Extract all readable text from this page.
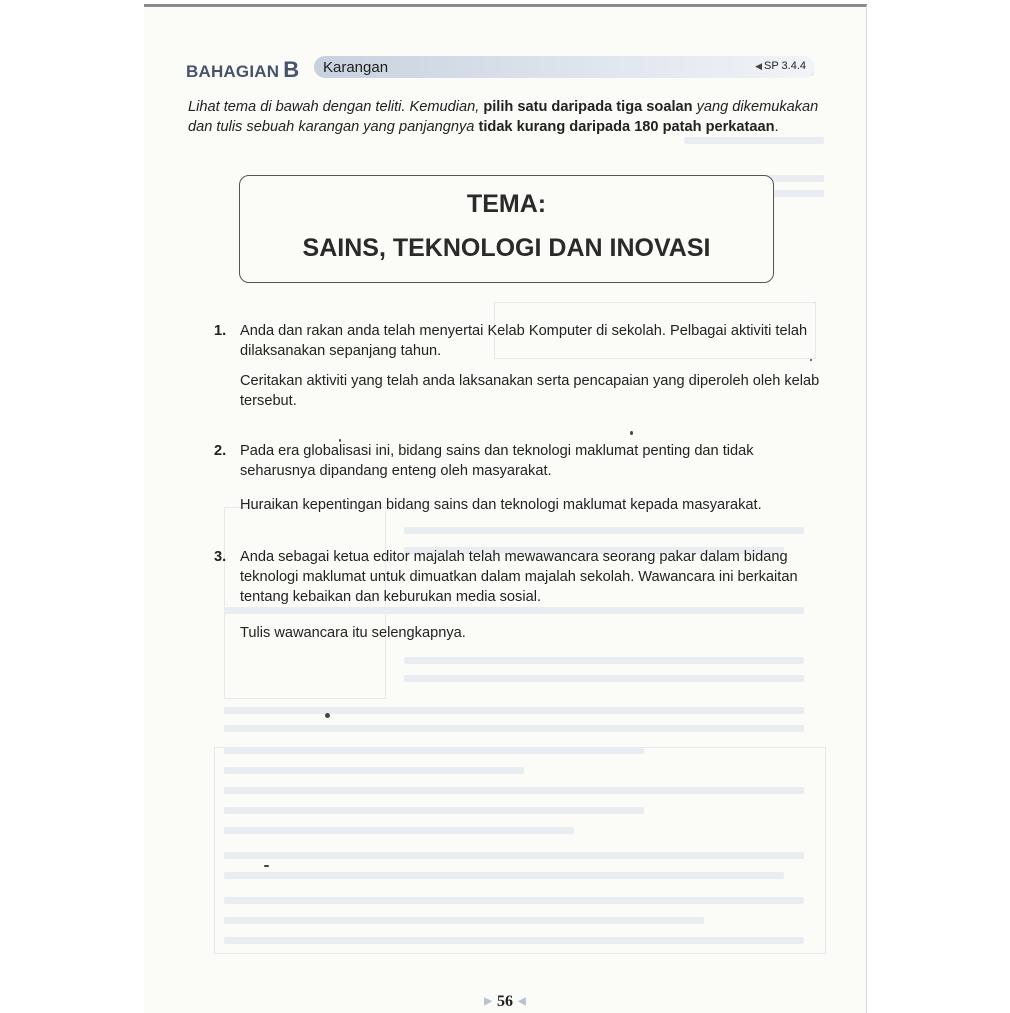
BAHAGIAN B Karangan	◀ SP 3.4.4
Lihat tema di bawah dengan teliti. Kemudian, pilih satu daripada tiga soalan yang dikemukakan dan tulis sebuah karangan yang panjangnya tidak kurang daripada 180 patah perkataan.
TEMA:
SAINS, TEKNOLOGI DAN INOVASI
1. Anda dan rakan anda telah menyertai Kelab Komputer di sekolah. Pelbagai aktiviti telah dilaksanakan sepanjang tahun.
Ceritakan aktiviti yang telah anda laksanakan serta pencapaian yang diperoleh oleh kelab tersebut.
2. Pada era globalisasi ini, bidang sains dan teknologi maklumat penting dan tidak seharusnya dipandang enteng oleh masyarakat.
Huraikan kepentingan bidang sains dan teknologi maklumat kepada masyarakat.
3. Anda sebagai ketua editor majalah telah mewawancara seorang pakar dalam bidang teknologi maklumat untuk dimuatkan dalam majalah sekolah. Wawancara ini berkaitan tentang kebaikan dan keburukan media sosial.
Tulis wawancara itu selengkapnya.
▶ 56 ◀
